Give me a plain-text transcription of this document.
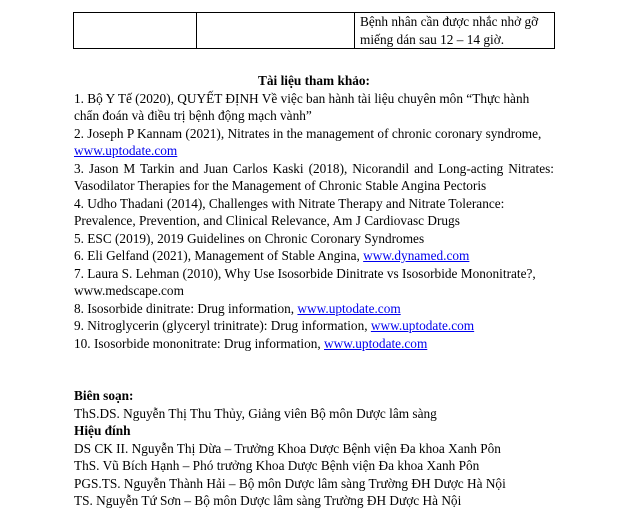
		Bệnh nhân cần được nhắc nhở gỡ miếng dán sau 12 – 14 giờ.
Tài liệu tham khảo:
1. Bộ Y Tế (2020), QUYẾT ĐỊNH Về việc ban hành tài liệu chuyên môn “Thực hành chẩn đoán và điều trị bệnh động mạch vành”
2. Joseph P Kannam (2021), Nitrates in the management of chronic coronary syndrome, www.uptodate.com
3. Jason M Tarkin and Juan Carlos Kaski (2018), Nicorandil and Long-acting Nitrates: Vasodilator Therapies for the Management of Chronic Stable Angina Pectoris
4. Udho Thadani (2014), Challenges with Nitrate Therapy and Nitrate Tolerance: Prevalence, Prevention, and Clinical Relevance, Am J Cardiovasc Drugs
5. ESC (2019), 2019 Guidelines on Chronic Coronary Syndromes
6. Eli Gelfand (2021), Management of Stable Angina, www.dynamed.com
7. Laura S. Lehman (2010), Why Use Isosorbide Dinitrate vs Isosorbide Mononitrate?, www.medscape.com
8. Isosorbide dinitrate: Drug information, www.uptodate.com
9. Nitroglycerin (glyceryl trinitrate): Drug information, www.uptodate.com
10. Isosorbide mononitrate: Drug information, www.uptodate.com
Biên soạn:
ThS.DS. Nguyễn Thị Thu Thủy, Giảng viên Bộ môn Dược lâm sàng
Hiệu đính
DS CK II. Nguyễn Thị Dừa – Trưởng Khoa Dược Bệnh viện Đa khoa Xanh Pôn
ThS. Vũ Bích Hạnh – Phó trưởng Khoa Dược Bệnh viện Đa khoa Xanh Pôn
PGS.TS. Nguyễn Thành Hải – Bộ môn Dược lâm sàng Trường ĐH Dược Hà Nội
TS. Nguyễn Tứ Sơn – Bộ môn Dược lâm sàng Trường ĐH Dược Hà Nội
